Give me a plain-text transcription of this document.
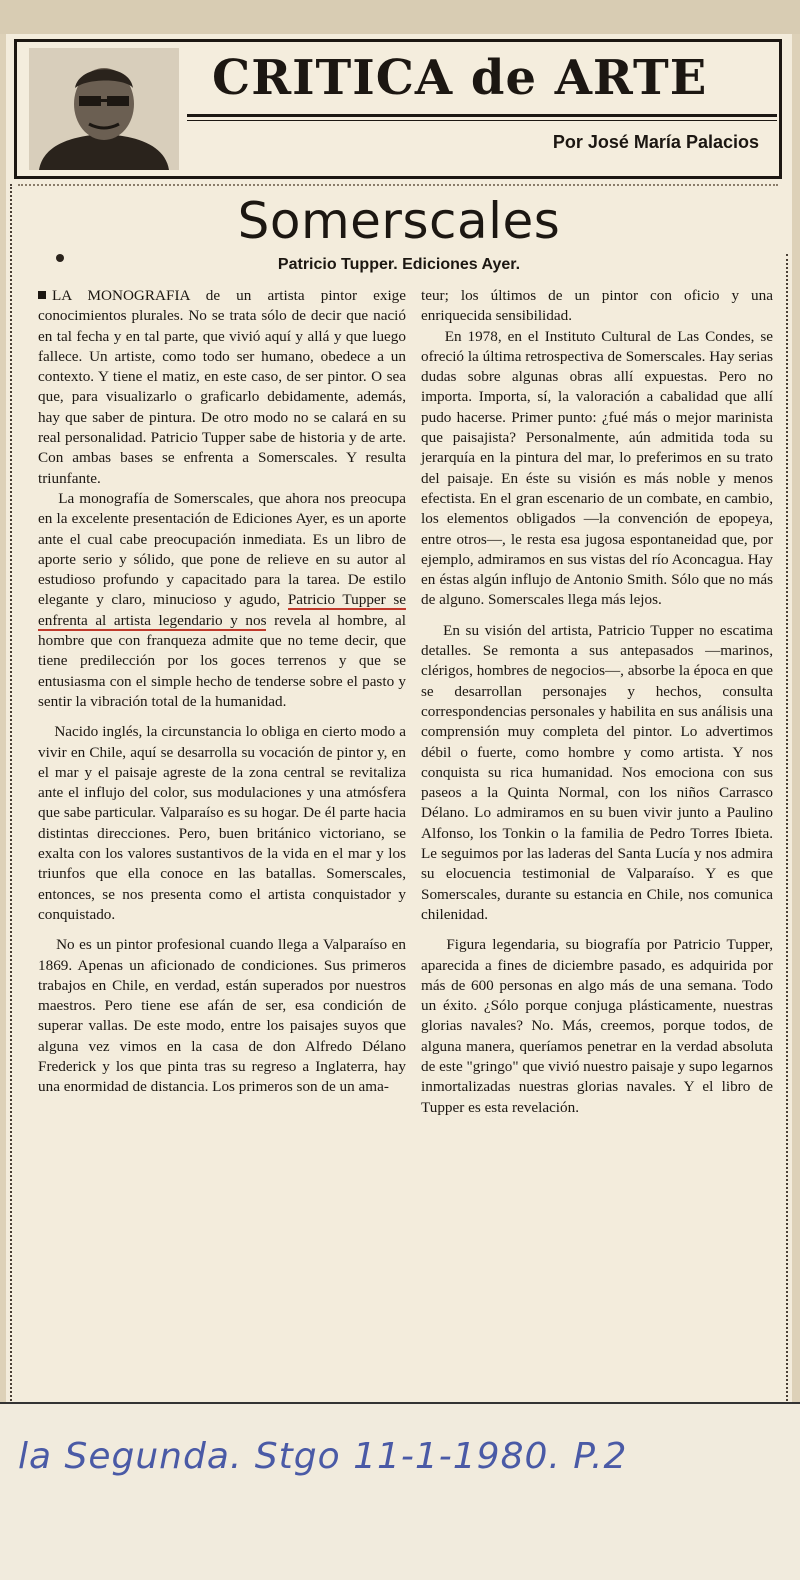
CRITICA de ARTE
Por José María Palacios
Somerscales
Patricio Tupper. Ediciones Ayer.

LA MONOGRAFIA de un artista pintor exige conocimientos plurales. No se trata sólo de decir que nació en tal fecha y en tal parte, que vivió aquí y allá y que luego fallece. Un artiste, como todo ser humano, obedece a un contexto. Y tiene el matiz, en este caso, de ser pintor. O sea que, para visualizarlo o graficarlo debidamente, además, hay que saber de pintura. De otro modo no se calará en su real personalidad. Patricio Tupper sabe de historia y de arte. Con ambas bases se enfrenta a Somerscales. Y resulta triunfante.

La monografía de Somerscales, que ahora nos preocupa en la excelente presentación de Ediciones Ayer, es un aporte ante el cual cabe preocupación inmediata. Es un libro de aporte serio y sólido, que pone de relieve en su autor al estudioso profundo y capacitado para la tarea. De estilo elegante y claro, minucioso y agudo, Patricio Tupper se enfrenta al artista legendario y nos revela al hombre, al hombre que con franqueza admite que no teme decir, que tiene predilección por los goces terrenos y que se entusiasma con el simple hecho de tenderse sobre el pasto y sentir la vibración total de la humanidad.

Nacido inglés, la circunstancia lo obliga en cierto modo a vivir en Chile, aquí se desarrolla su vocación de pintor y, en el mar y el paisaje agreste de la zona central se revitaliza ante el influjo del color, sus modulaciones y una atmósfera que sabe particular. Valparaíso es su hogar. De él parte hacia distintas direcciones. Pero, buen británico victoriano, se exalta con los valores sustantivos de la vida en el mar y los triunfos que ella conoce en las batallas. Somerscales, entonces, se nos presenta como el artista conquistador y conquistado.

No es un pintor profesional cuando llega a Valparaíso en 1869. Apenas un aficionado de condiciones. Sus primeros trabajos en Chile, en verdad, están superados por nuestros maestros. Pero tiene ese afán de ser, esa condición de superar vallas. De este modo, entre los paisajes suyos que alguna vez vimos en la casa de don Alfredo Délano Frederick y los que pinta tras su regreso a Inglaterra, hay una enormidad de distancia. Los primeros son de un ama-

teur; los últimos de un pintor con oficio y una enriquecida sensibilidad.

En 1978, en el Instituto Cultural de Las Condes, se ofreció la última retrospectiva de Somerscales. Hay serias dudas sobre algunas obras allí expuestas. Pero no importa. Importa, sí, la valoración a cabalidad que allí pudo hacerse. Primer punto: ¿fué más o mejor marinista que paisajista? Personalmente, aún admitida toda su jerarquía en la pintura del mar, lo preferimos en su trato del paisaje. En éste su visión es más noble y menos efectista. En el gran escenario de un combate, en cambio, los elementos obligados —la convención de epopeya, entre otros—, le resta esa jugosa espontaneidad que, por ejemplo, admiramos en sus vistas del río Aconcagua. Hay en éstas algún influjo de Antonio Smith. Sólo que no más de alguno. Somerscales llega más lejos.

En su visión del artista, Patricio Tupper no escatima detalles. Se remonta a sus antepasados —marinos, clérigos, hombres de negocios—, absorbe la época en que se desarrollan personajes y hechos, consulta correspondencias personales y habilita en sus análisis una comprensión muy completa del pintor. Lo advertimos débil o fuerte, como hombre y como artista. Y nos conquista su rica humanidad. Nos emociona con sus paseos a la Quinta Normal, con los niños Carrasco Délano. Lo admiramos en su buen vivir junto a Paulino Alfonso, los Tonkin o la familia de Pedro Torres Ibieta. Le seguimos por las laderas del Santa Lucía y nos admira su elocuencia testimonial de Valparaíso. Y es que Somerscales, durante su estancia en Chile, nos comunica chilenidad.

Figura legendaria, su biografía por Patricio Tupper, aparecida a fines de diciembre pasado, es adquirida por más de 600 personas en algo más de una semana. Todo un éxito. ¿Sólo porque conjuga plásticamente, nuestras glorias navales? No. Más, creemos, porque todos, de alguna manera, queríamos penetrar en la verdad absoluta de este "gringo" que vivió nuestro paisaje y supo legarnos inmortalizadas nuestras glorias navales. Y el libro de Tupper es esta revelación.

la Segunda. Stgo 11-1-1980. P.2
